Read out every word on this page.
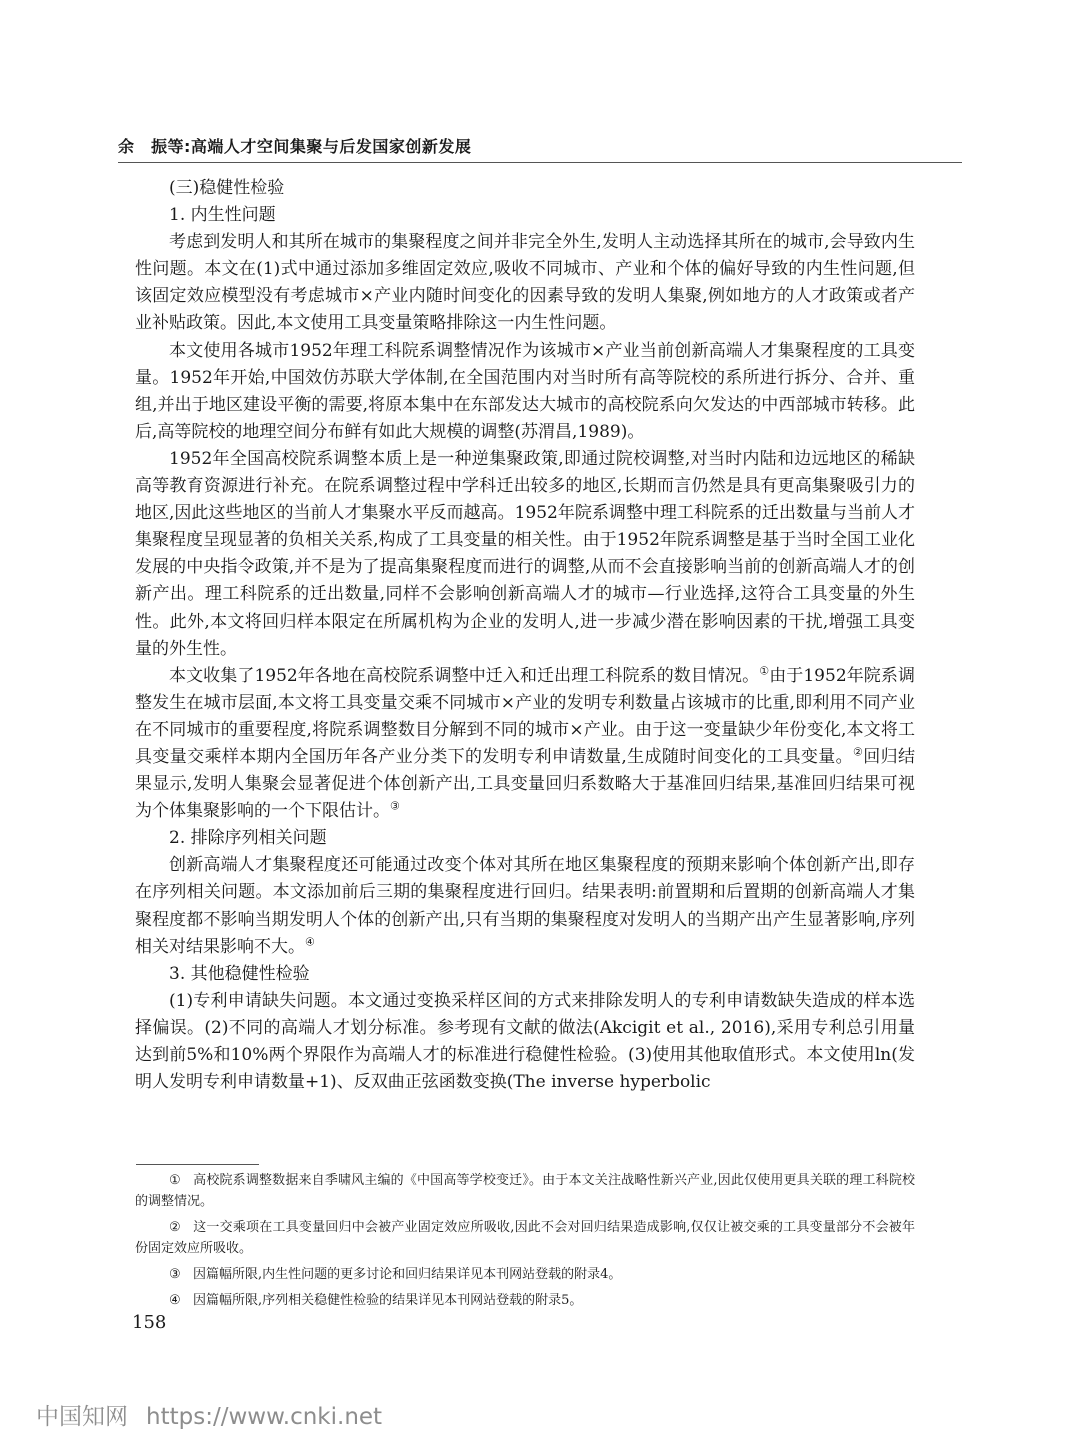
余　振等:高端人才空间集聚与后发国家创新发展

(三)稳健性检验

1. 内生性问题

考虑到发明人和其所在城市的集聚程度之间并非完全外生,发明人主动选择其所在的城市,会导致内生性问题。本文在(1)式中通过添加多维固定效应,吸收不同城市、产业和个体的偏好导致的内生性问题,但该固定效应模型没有考虑城市×产业内随时间变化的因素导致的发明人集聚,例如地方的人才政策或者产业补贴政策。因此,本文使用工具变量策略排除这一内生性问题。

本文使用各城市1952年理工科院系调整情况作为该城市×产业当前创新高端人才集聚程度的工具变量。1952年开始,中国效仿苏联大学体制,在全国范围内对当时所有高等院校的系所进行拆分、合并、重组,并出于地区建设平衡的需要,将原本集中在东部发达大城市的高校院系向欠发达的中西部城市转移。此后,高等院校的地理空间分布鲜有如此大规模的调整(苏渭昌,1989)。

1952年全国高校院系调整本质上是一种逆集聚政策,即通过院校调整,对当时内陆和边远地区的稀缺高等教育资源进行补充。在院系调整过程中学科迁出较多的地区,长期而言仍然是具有更高集聚吸引力的地区,因此这些地区的当前人才集聚水平反而越高。1952年院系调整中理工科院系的迁出数量与当前人才集聚程度呈现显著的负相关关系,构成了工具变量的相关性。由于1952年院系调整是基于当时全国工业化发展的中央指令政策,并不是为了提高集聚程度而进行的调整,从而不会直接影响当前的创新高端人才的创新产出。理工科院系的迁出数量,同样不会影响创新高端人才的城市—行业选择,这符合工具变量的外生性。此外,本文将回归样本限定在所属机构为企业的发明人,进一步减少潜在影响因素的干扰,增强工具变量的外生性。

本文收集了1952年各地在高校院系调整中迁入和迁出理工科院系的数目情况。①由于1952年院系调整发生在城市层面,本文将工具变量交乘不同城市×产业的发明专利数量占该城市的比重,即利用不同产业在不同城市的重要程度,将院系调整数目分解到不同的城市×产业。由于这一变量缺少年份变化,本文将工具变量交乘样本期内全国历年各产业分类下的发明专利申请数量,生成随时间变化的工具变量。②回归结果显示,发明人集聚会显著促进个体创新产出,工具变量回归系数略大于基准回归结果,基准回归结果可视为个体集聚影响的一个下限估计。③

2. 排除序列相关问题

创新高端人才集聚程度还可能通过改变个体对其所在地区集聚程度的预期来影响个体创新产出,即存在序列相关问题。本文添加前后三期的集聚程度进行回归。结果表明:前置期和后置期的创新高端人才集聚程度都不影响当期发明人个体的创新产出,只有当期的集聚程度对发明人的当期产出产生显著影响,序列相关对结果影响不大。④

3. 其他稳健性检验

(1)专利申请缺失问题。本文通过变换采样区间的方式来排除发明人的专利申请数缺失造成的样本选择偏误。(2)不同的高端人才划分标准。参考现有文献的做法(Akcigit et al., 2016),采用专利总引用量达到前5%和10%两个界限作为高端人才的标准进行稳健性检验。(3)使用其他取值形式。本文使用ln(发明人发明专利申请数量+1)、反双曲正弦函数变换(The inverse hyperbolic

① 高校院系调整数据来自季啸风主编的《中国高等学校变迁》。由于本文关注战略性新兴产业,因此仅使用更具关联的理工科院校的调整情况。

② 这一交乘项在工具变量回归中会被产业固定效应所吸收,因此不会对回归结果造成影响,仅仅让被交乘的工具变量部分不会被年份固定效应所吸收。

③ 因篇幅所限,内生性问题的更多讨论和回归结果详见本刊网站登载的附录4。

④ 因篇幅所限,序列相关稳健性检验的结果详见本刊网站登载的附录5。

158
中国知网 https://www.cnki.net
